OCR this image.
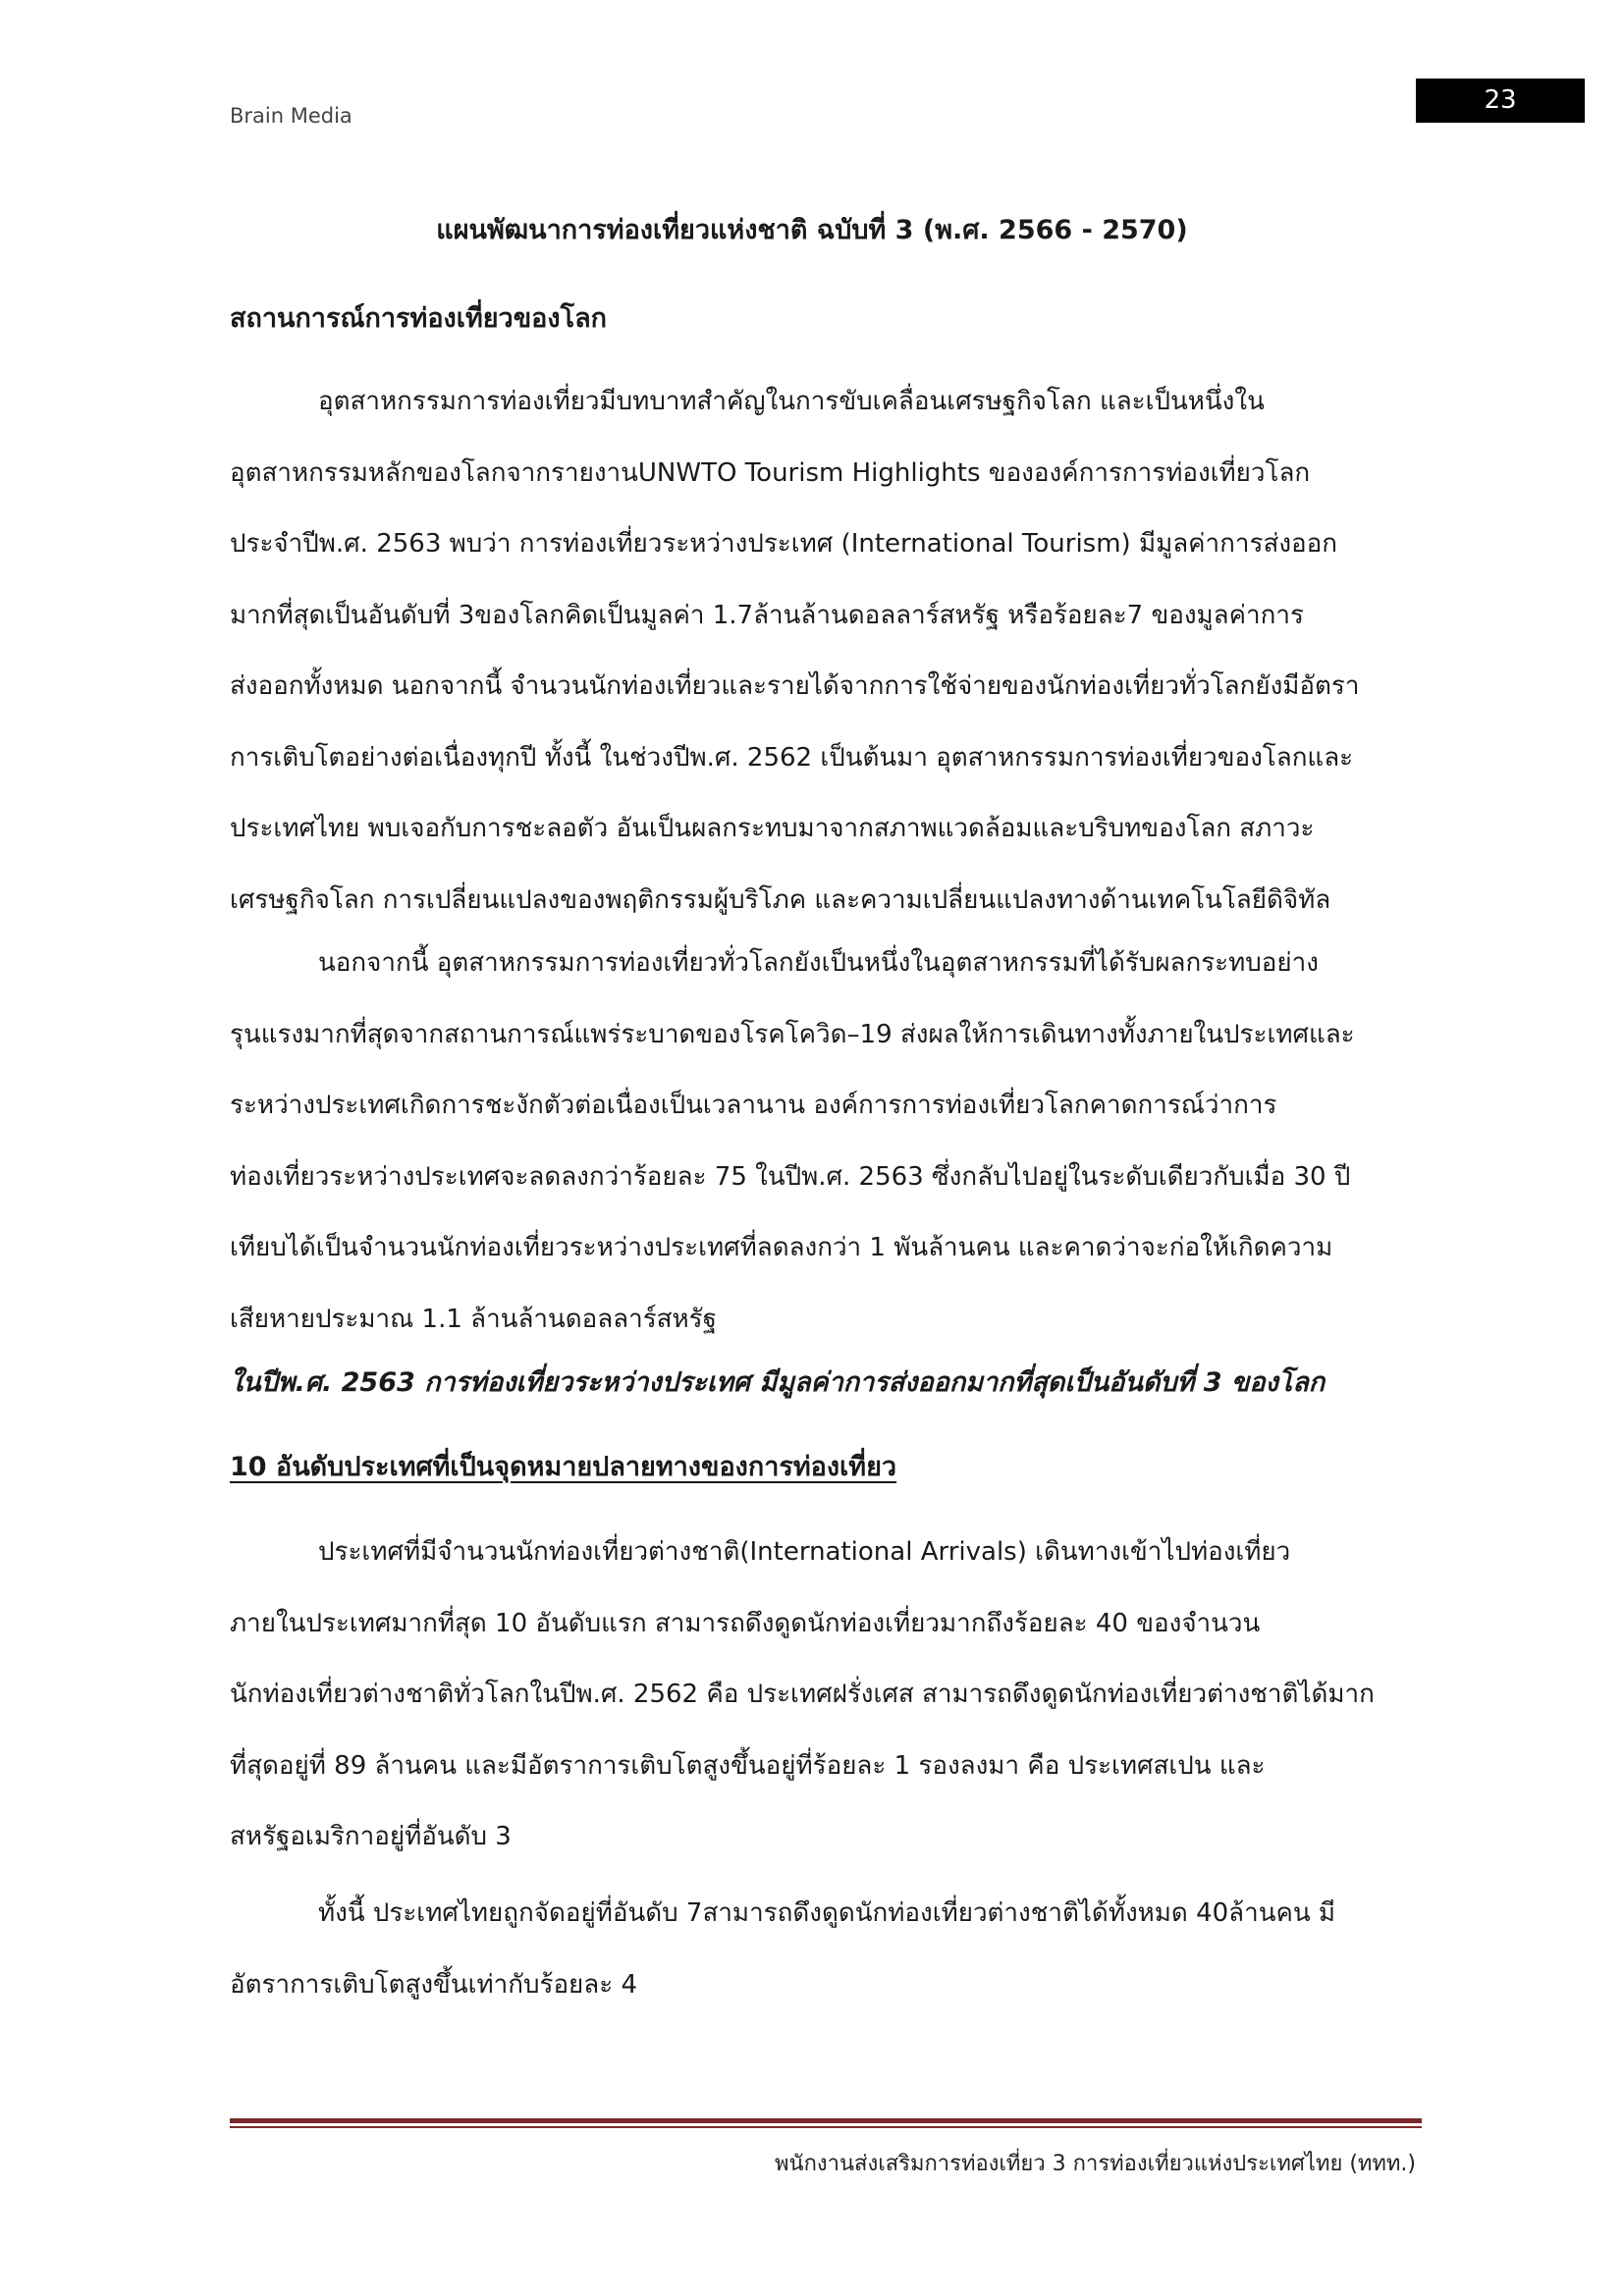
Brain Media
23
แผนพัฒนาการท่องเที่ยวแห่งชาติ ฉบับที่ 3 (พ.ศ. 2566 - 2570)
สถานการณ์การท่องเที่ยวของโลก
อุตสาหกรรมการท่องเที่ยวมีบทบาทสำคัญในการขับเคลื่อนเศรษฐกิจโลก และเป็นหนึ่งใน
อุตสาหกรรมหลักของโลกจากรายงานUNWTO Tourism Highlights ขององค์การการท่องเที่ยวโลก
ประจำปีพ.ศ. 2563 พบว่า การท่องเที่ยวระหว่างประเทศ (International Tourism) มีมูลค่าการส่งออก
มากที่สุดเป็นอันดับที่ 3ของโลกคิดเป็นมูลค่า 1.7ล้านล้านดอลลาร์สหรัฐ หรือร้อยละ7 ของมูลค่าการ
ส่งออกทั้งหมด นอกจากนี้ จำนวนนักท่องเที่ยวและรายได้จากการใช้จ่ายของนักท่องเที่ยวทั่วโลกยังมีอัตรา
การเติบโตอย่างต่อเนื่องทุกปี ทั้งนี้ ในช่วงปีพ.ศ. 2562 เป็นต้นมา อุตสาหกรรมการท่องเที่ยวของโลกและ
ประเทศไทย พบเจอกับการชะลอตัว อันเป็นผลกระทบมาจากสภาพแวดล้อมและบริบทของโลก สภาวะ
เศรษฐกิจโลก การเปลี่ยนแปลงของพฤติกรรมผู้บริโภค และความเปลี่ยนแปลงทางด้านเทคโนโลยีดิจิทัล
นอกจากนี้ อุตสาหกรรมการท่องเที่ยวทั่วโลกยังเป็นหนึ่งในอุตสาหกรรมที่ได้รับผลกระทบอย่าง
รุนแรงมากที่สุดจากสถานการณ์แพร่ระบาดของโรคโควิด–19 ส่งผลให้การเดินทางทั้งภายในประเทศและ
ระหว่างประเทศเกิดการชะงักตัวต่อเนื่องเป็นเวลานาน องค์การการท่องเที่ยวโลกคาดการณ์ว่าการ
ท่องเที่ยวระหว่างประเทศจะลดลงกว่าร้อยละ 75 ในปีพ.ศ. 2563 ซึ่งกลับไปอยู่ในระดับเดียวกับเมื่อ 30 ปี
เทียบได้เป็นจำนวนนักท่องเที่ยวระหว่างประเทศที่ลดลงกว่า 1 พันล้านคน และคาดว่าจะก่อให้เกิดความ
เสียหายประมาณ 1.1 ล้านล้านดอลลาร์สหรัฐ
ในปีพ.ศ. 2563 การท่องเที่ยวระหว่างประเทศ มีมูลค่าการส่งออกมากที่สุดเป็นอันดับที่ 3 ของโลก
10 อันดับประเทศที่เป็นจุดหมายปลายทางของการท่องเที่ยว
ประเทศที่มีจำนวนนักท่องเที่ยวต่างชาติ(International Arrivals) เดินทางเข้าไปท่องเที่ยว
ภายในประเทศมากที่สุด 10 อันดับแรก สามารถดึงดูดนักท่องเที่ยวมากถึงร้อยละ 40 ของจำนวน
นักท่องเที่ยวต่างชาติทั่วโลกในปีพ.ศ. 2562 คือ ประเทศฝรั่งเศส สามารถดึงดูดนักท่องเที่ยวต่างชาติได้มาก
ที่สุดอยู่ที่ 89 ล้านคน และมีอัตราการเติบโตสูงขึ้นอยู่ที่ร้อยละ 1 รองลงมา คือ ประเทศสเปน และ
สหรัฐอเมริกาอยู่ที่อันดับ 3
ทั้งนี้ ประเทศไทยถูกจัดอยู่ที่อันดับ 7สามารถดึงดูดนักท่องเที่ยวต่างชาติได้ทั้งหมด 40ล้านคน มี
อัตราการเติบโตสูงขึ้นเท่ากับร้อยละ 4
พนักงานส่งเสริมการท่องเที่ยว 3 การท่องเที่ยวแห่งประเทศไทย (ททท.)
